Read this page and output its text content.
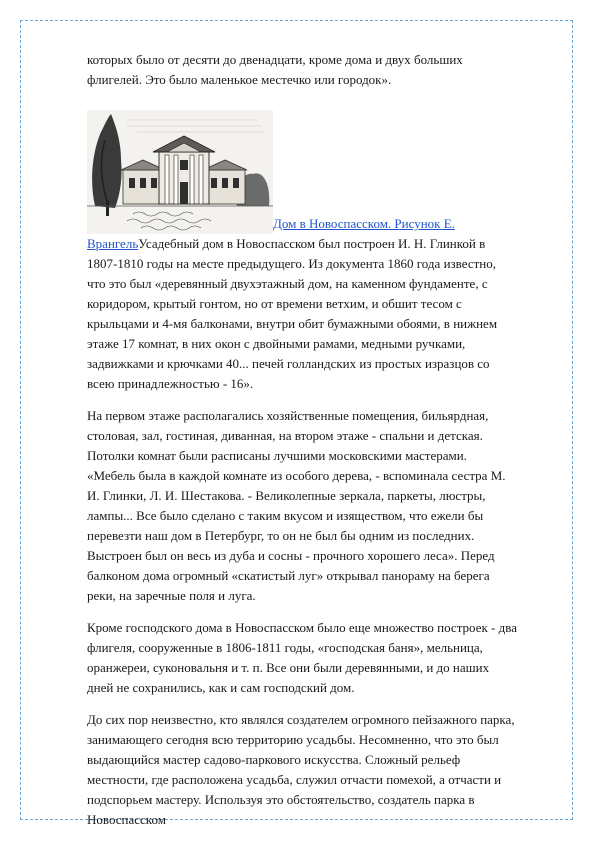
которых было от десяти до двенадцати, кроме дома и двух больших флигелей. Это было маленькое местечко или городок».

Дом в Новоспасском. Рисунок Е.
ВрангельУсадебный дом в Новоспасском был построен И. Н. Глинкой в 1807-1810 годы на месте предыдущего. Из документа 1860 года известно, что это был «деревянный двухэтажный дом, на каменном фундаменте, с коридором, крытый гонтом, но от времени ветхим, и обшит тесом с крыльцами и 4-мя балконами, внутри обит бумажными обоями, в нижнем этаже 17 комнат, в них окон с двойными рамами, медными ручками, задвижками и крючками 40... печей голландских из простых изразцов со всею принадлежностью - 16».

На первом этаже располагались хозяйственные помещения, бильярдная, столовая, зал, гостиная, диванная, на втором этаже - спальни и детская. Потолки комнат были расписаны лучшими московскими мастерами. «Мебель была в каждой комнате из особого дерева, - вспоминала сестра М. И. Глинки, Л. И. Шестакова. - Великолепные зеркала, паркеты, люстры, лампы... Все было сделано с таким вкусом и изяществом, что ежели бы перевезти наш дом в Петербург, то он не был бы одним из последних. Выстроен был он весь из дуба и сосны - прочного хорошего леса». Перед балконом дома огромный «скатистый луг» открывал панораму на берега реки, на заречные поля и луга.

Кроме господского дома в Новоспасском было еще множество построек - два флигеля, сооруженные в 1806-1811 годы, «господская баня», мельница, оранжереи, суконовальня и т. п. Все они были деревянными, и до наших дней не сохранились, как и сам господский дом.

До сих пор неизвестно, кто являлся создателем огромного пейзажного парка, занимающего сегодня всю территорию усадьбы. Несомненно, что это был выдающийся мастер садово-паркового искусства. Сложный рельеф местности, где расположена усадьба, служил отчасти помехой, а отчасти и подспорьем мастеру. Используя это обстоятельство, создатель парка в Новоспасском
